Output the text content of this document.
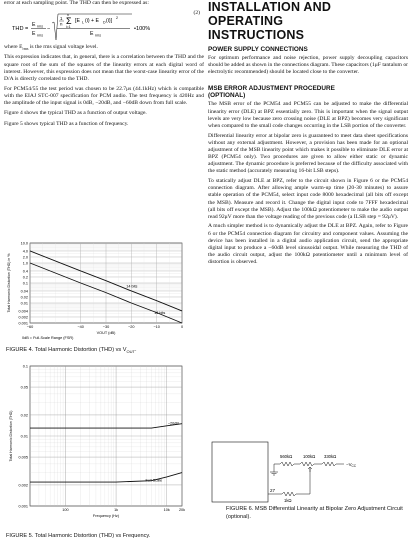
error at each sampling point. The THD can then be expressed as:

(2)
THD =
E rms
E rms
−
1
n Σ
n
i=1
[E L (i) + E D (i)] 2
E rms
•100%

where $E_{rms}$ is the rms signal voltage level.

This expression indicates that, in general, there is a correlation between the THD and the square root of the sum of the squares of the linearity errors at each digital word of interest. However, this expression does not mean that the worst-case linearity error of the D/A is directly correlated to the THD.

For PCM54/55 the test period was chosen to be 22.7μs (44.1kHz) which is compatible with the EIAJ STC-007 specification for PCM audio. The test frequency is 420Hz and the amplitude of the input signal is 0dB, −20dB, and −60dB down from full scale.

Figure 4 shows the typical THD as a function of output voltage.

Figure 5 shows typical THD as a function of frequency.

10.0
4.0
2.0
1.0
0.4
0.2
0.1
0.04
0.02
0.01
0.004
0.002
0.001
−60	−40	−30	−20	−10	0
14 bits
16 bits
Total Harmonic Distortion (THD) in %
VOUT (dB)
0dB = Full-Scale Range (FSR)
FIGURE 4. Total Harmonic Distortion (THD) vs $V_{OUT}$.
0.1
0.05
0.02
0.01
0.005
0.002
0.001
100	1k	10k 20k
−20dB
Full Scale
Total Harmonic Distortion (THD)
Frequency (Hz)
FIGURE 5. Total Harmonic Distortion (THD) vs Frequency.
INSTALLATION AND OPERATING
INSTRUCTIONS
POWER SUPPLY CONNECTIONS

For optimum performance and noise rejection, power supply decoupling capacitors should be added as shown in the connections diagram. These capacitors (1μF tantalum or electrolytic recommended) should be located close to the converter.

MSB ERROR ADJUSTMENT PROCEDURE
(OPTIONAL)

The MSB error of the PCM54 and PCM55 can be adjusted to make the differential linearity error (DLE) at BPZ essentially zero. This is important when the signal output levels are very low because zero crossing noise (DLE at BPZ) becomes very significant when compared to the small code changes occurring in the LSB portion of the converter.

Differential linearity error at bipolar zero is guaranteed to meet data sheet specifications without any external adjustment. However, a provision has been made for an optional adjustment of the MSB linearity point which makes it possible to eliminate DLE error at BPZ (PCM54 only). Two procedures are given to allow either static or dynamic adjustment. The dynamic procedure is preferred because of the difficulty associated with the static method (accurately measuring 16-bit LSB steps).

To statically adjust DLE at BPZ, refer to the circuit shown in Figure 6 or the PCM54 connection diagram. After allowing ample warm-up time (20-30 minutes) to assure stable operation of the PCM54, select input code 8000 hexadecimal (all bits off except the MSB). Measure and record it. Change the digital input code to 7FFF hexadecimal (all bits off except the MSB). Adjust the 100kΩ potentiometer to make the audio output read 92μV more than the voltage reading of the previous code (a ILSB step = 92μV).

A much simpler method is to dynamically adjust the DLE at BPZ. Again, refer to Figure 6 or the PCM54 connection diagram for circuitry and component values. Assuming the device has been installed in a digital audio application circuit, send the appropriate digital input to produce a −60dB level sinusoidal output. While measuring the THD of the audio circuit output, adjust the 100kΩ potentiometer until a minimum level of distortion is observed.

27
1kΩ
560kΩ	100kΩ 330kΩ
$-V_{CC}$
FIGURE 6. MSB Differential Linearity at Bipolar Zero Adjustment Circuit (optional).
